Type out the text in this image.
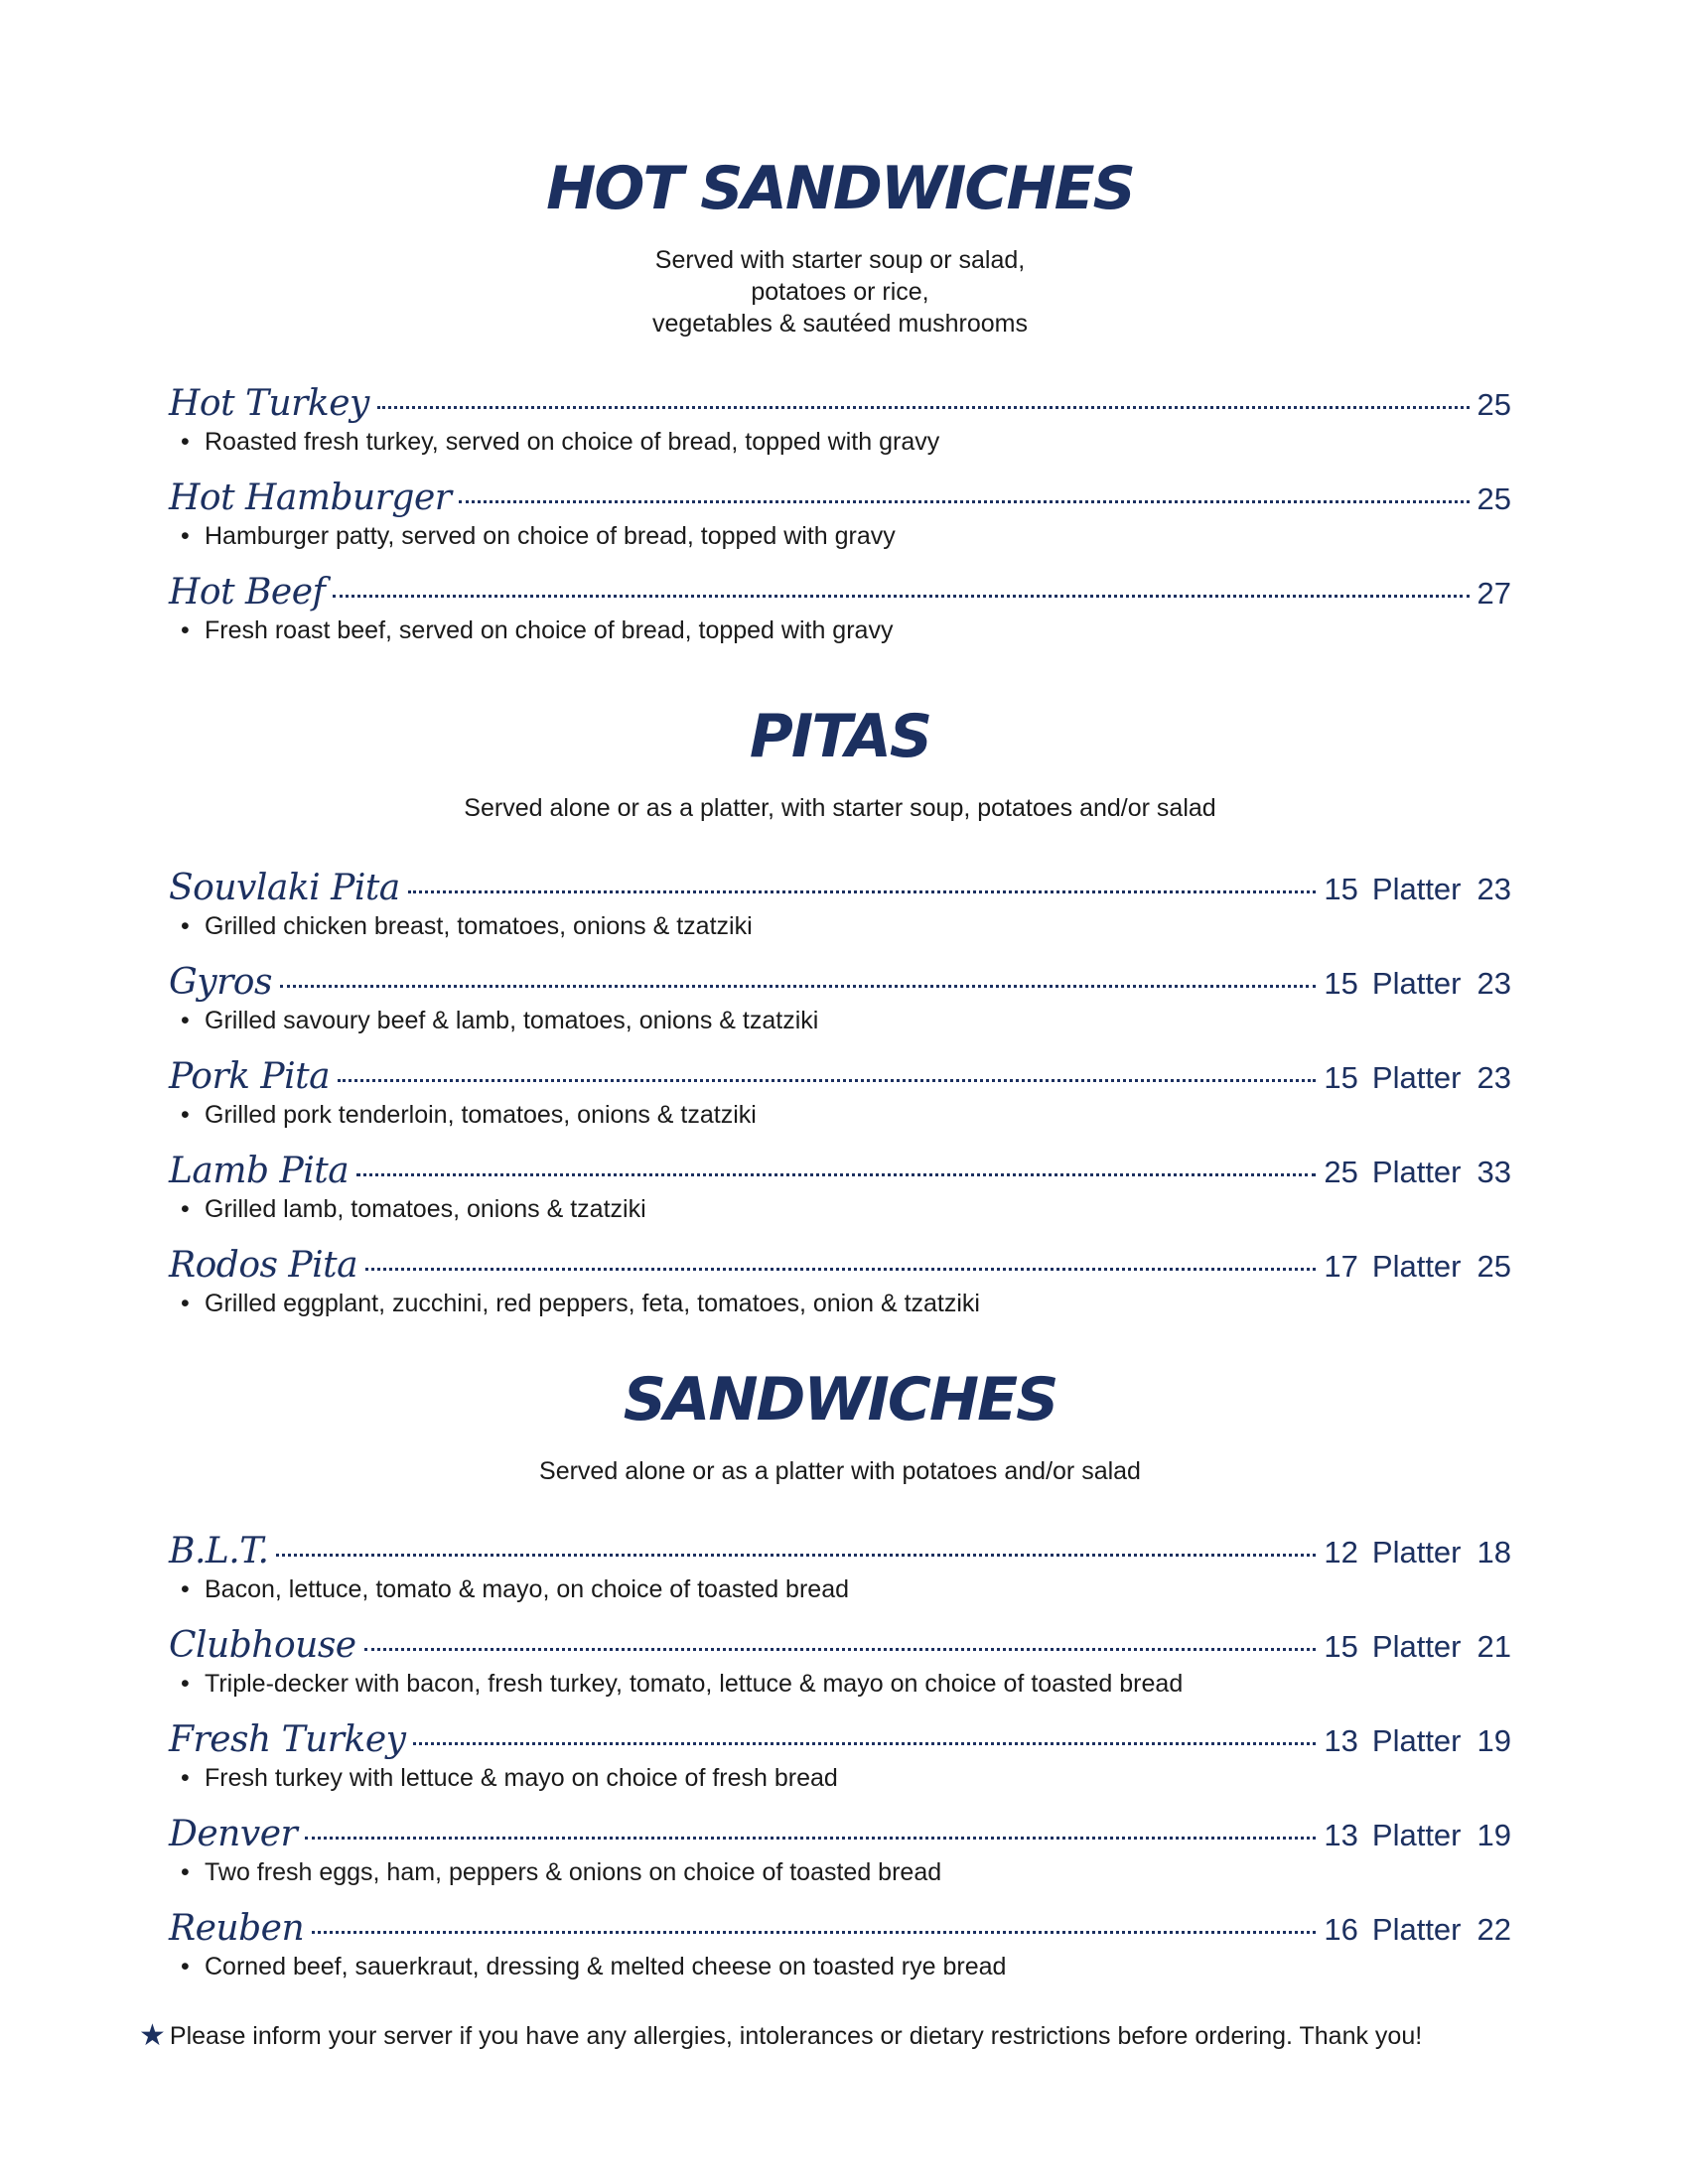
HOT SANDWICHES
Served with starter soup or salad,
potatoes or rice,
vegetables & sautéed mushrooms
Hot Turkey	25
• Roasted fresh turkey, served on choice of bread, topped with gravy
Hot Hamburger	25
• Hamburger patty, served on choice of bread, topped with gravy
Hot Beef	27
• Fresh roast beef, served on choice of bread, topped with gravy
PITAS
Served alone or as a platter, with starter soup, potatoes and/or salad
Souvlaki Pita	15 Platter 23
• Grilled chicken breast, tomatoes, onions & tzatziki
Gyros	15 Platter 23
• Grilled savoury beef & lamb, tomatoes, onions & tzatziki
Pork Pita	15 Platter 23
• Grilled pork tenderloin, tomatoes, onions & tzatziki
Lamb Pita	25 Platter 33
• Grilled lamb, tomatoes, onions & tzatziki
Rodos Pita	17 Platter 25
• Grilled eggplant, zucchini, red peppers, feta, tomatoes, onion & tzatziki
SANDWICHES
Served alone or as a platter with potatoes and/or salad
B.L.T.	12 Platter 18
• Bacon, lettuce, tomato & mayo, on choice of toasted bread
Clubhouse	15 Platter 21
• Triple-decker with bacon, fresh turkey, tomato, lettuce & mayo on choice of toasted bread
Fresh Turkey	13 Platter 19
• Fresh turkey with lettuce & mayo on choice of fresh bread
Denver	13 Platter 19
• Two fresh eggs, ham, peppers & onions on choice of toasted bread
Reuben	16 Platter 22
• Corned beef, sauerkraut, dressing & melted cheese on toasted rye bread
★ Please inform your server if you have any allergies, intolerances or dietary restrictions before ordering. Thank you!
